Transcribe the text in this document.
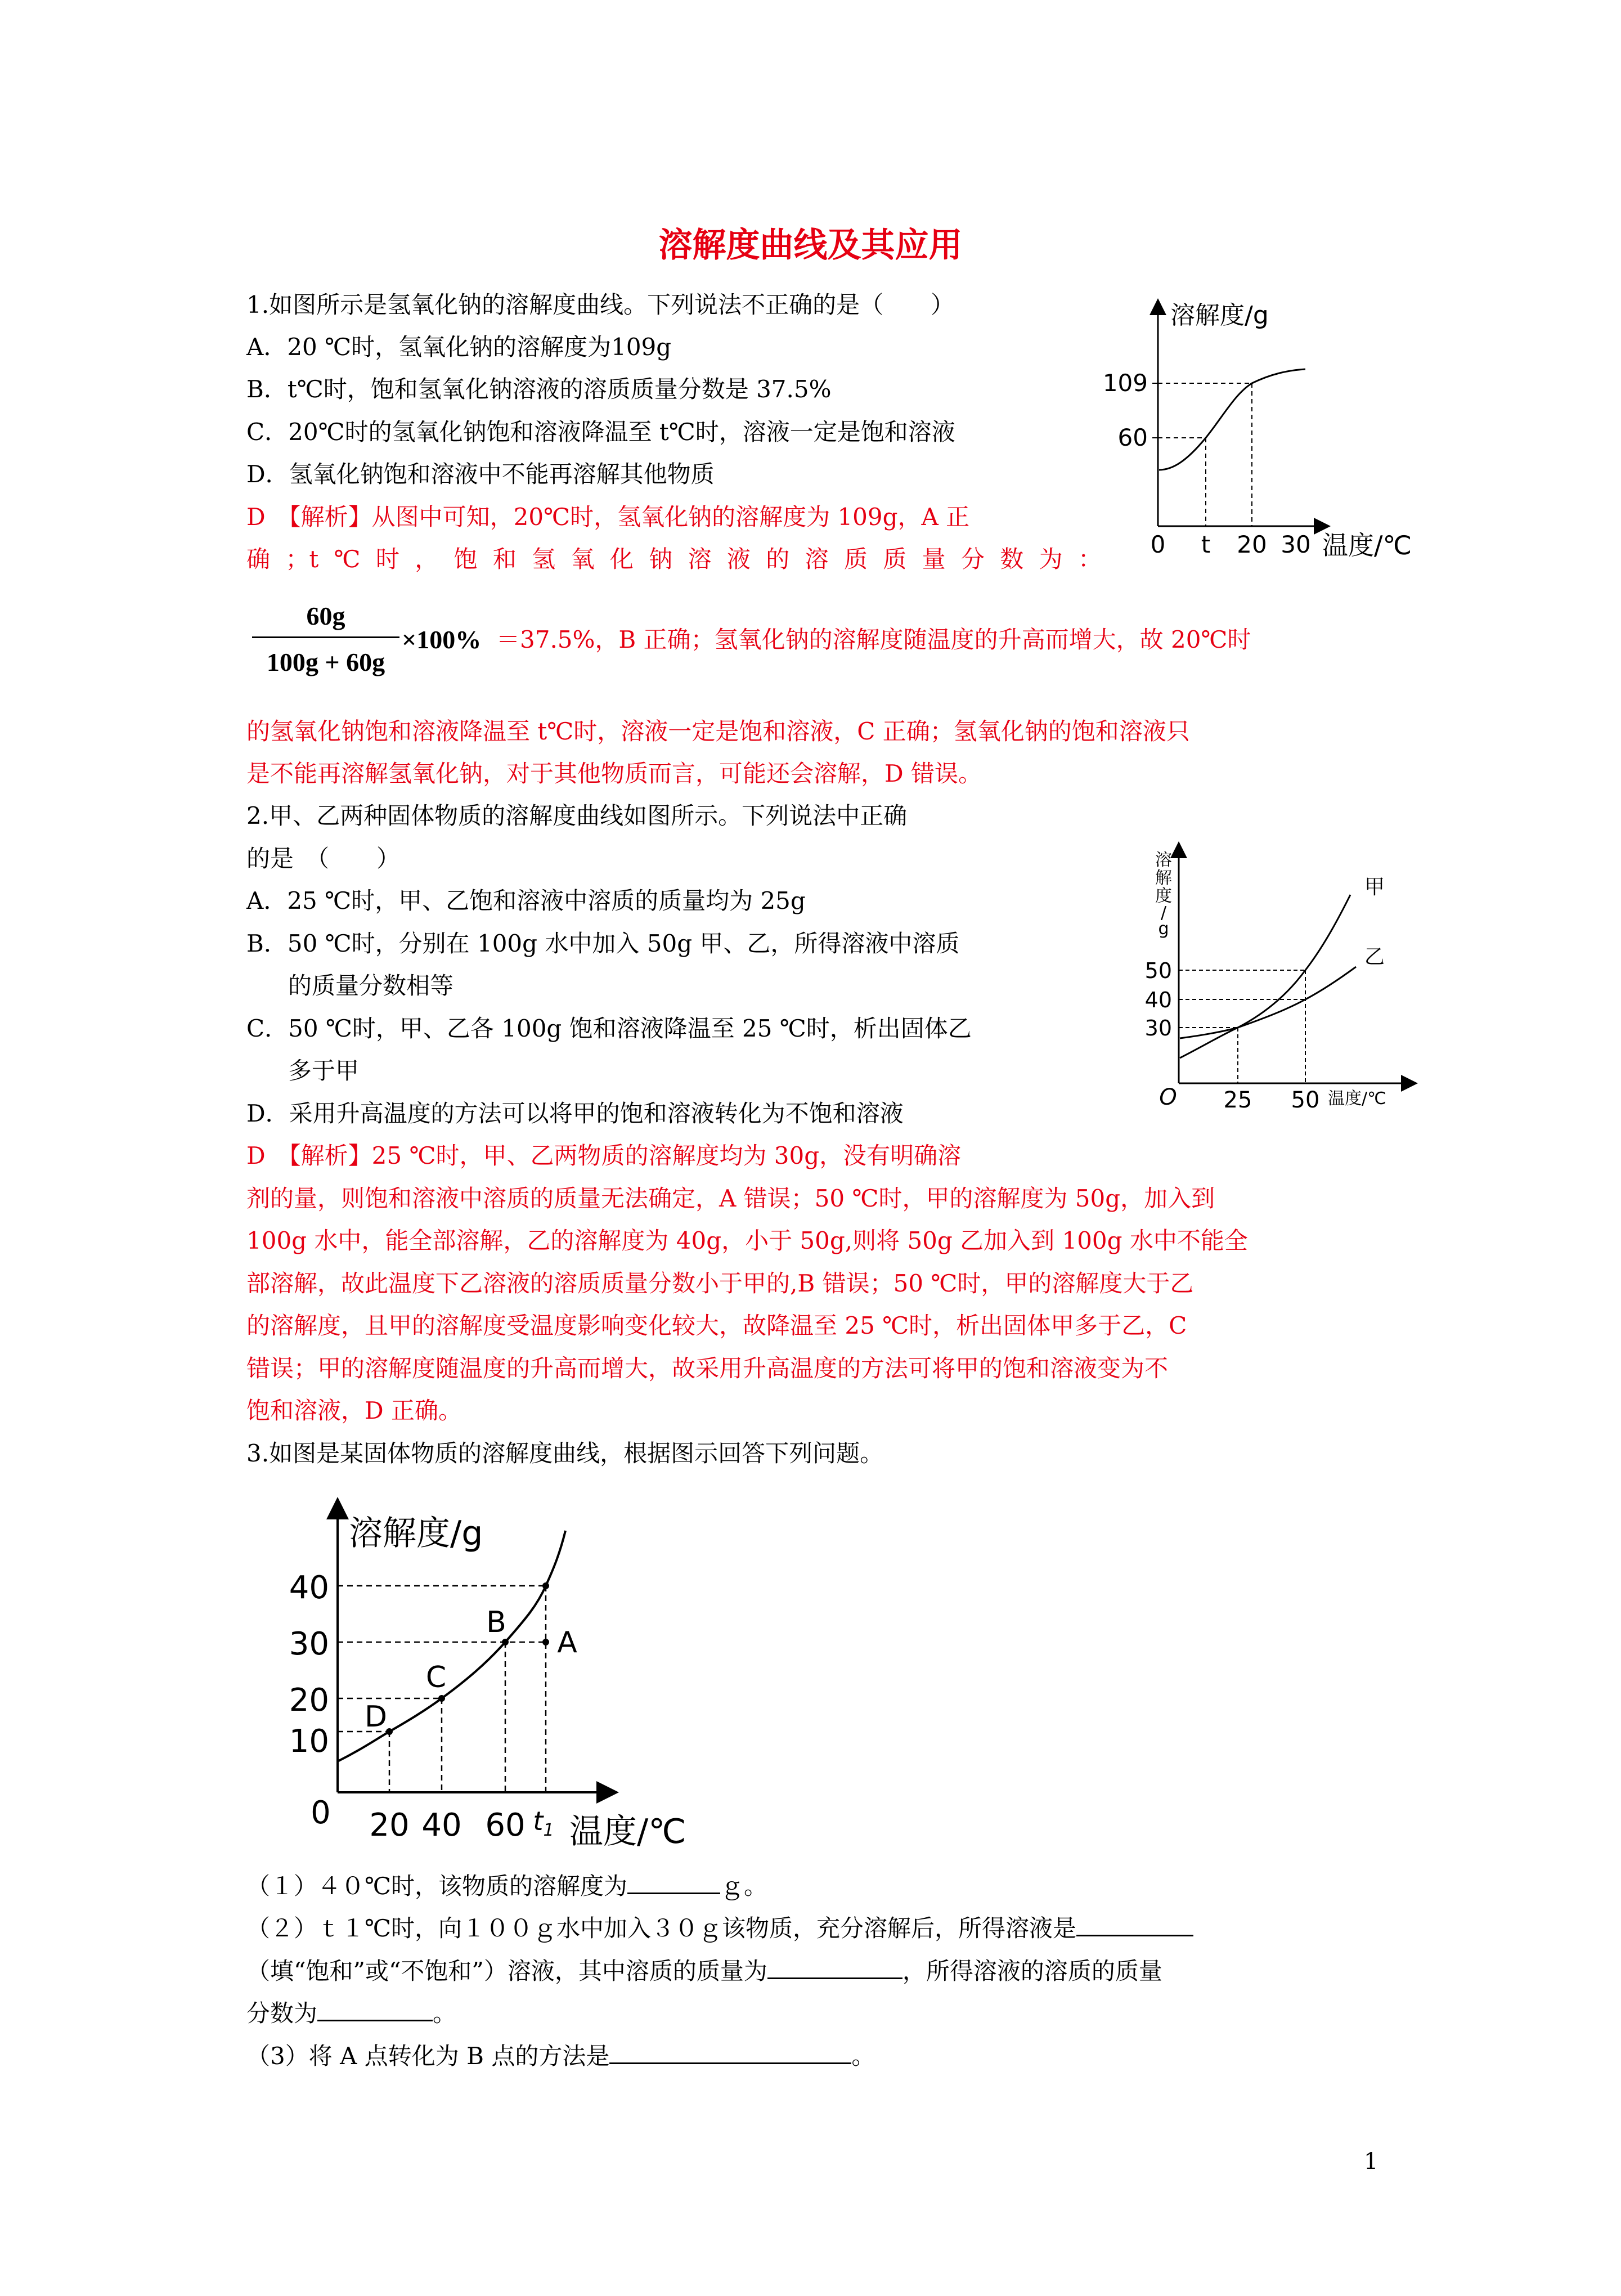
溶解度曲线及其应用
1.如图所示是氢氧化钠的溶解度曲线。下列说法不正确的是（　　）
A．20 ℃时，氢氧化钠的溶解度为109g
B．t℃时，饱和氢氧化钠溶液的溶质质量分数是 37.5%
C．20℃时的氢氧化钠饱和溶液降温至 t℃时，溶液一定是饱和溶液
D．氢氧化钠饱和溶液中不能再溶解其他物质
D　【解析】从图中可知，20℃时，氢氧化钠的溶解度为 109g，A 正
确；t℃时，饱和氢氧化钠溶液的溶质质量分数为：
60g
100g + 60g
×100% ＝37.5%，B 正确；氢氧化钠的溶解度随温度的升高而增大，故 20℃时
的氢氧化钠饱和溶液降温至 t℃时，溶液一定是饱和溶液，C 正确；氢氧化钠的饱和溶液只
是不能再溶解氢氧化钠，对于其他物质而言，可能还会溶解，D 错误。
溶解度/g
温度/℃
0 t 20 30
60
109
2.甲、乙两种固体物质的溶解度曲线如图所示。下列说法中正确
的是　（　　）
A．25 ℃时，甲、乙饱和溶液中溶质的质量均为 25g
B．50 ℃时，分别在 100g 水中加入 50g 甲、乙，所得溶液中溶质
的质量分数相等
C．50 ℃时，甲、乙各 100g 饱和溶液降温至 25 ℃时，析出固体乙
多于甲
D．采用升高温度的方法可以将甲的饱和溶液转化为不饱和溶液
D　【解析】25 ℃时，甲、乙两物质的溶解度均为 30g，没有明确溶
剂的量，则饱和溶液中溶质的质量无法确定，A 错误；50 ℃时，甲的溶解度为 50g，加入到
100g 水中，能全部溶解，乙的溶解度为 40g，小于 50g,则将 50g 乙加入到 100g 水中不能全
部溶解，故此温度下乙溶液的溶质质量分数小于甲的,B 错误；50 ℃时，甲的溶解度大于乙
的溶解度，且甲的溶解度受温度影响变化较大，故降温至 25 ℃时，析出固体甲多于乙，C
错误；甲的溶解度随温度的升高而增大，故采用升高温度的方法可将甲的饱和溶液变为不
饱和溶液，D 正确。
溶
解
度
/
g
温度/℃
O 25 50
30
40
50
甲
乙
3.如图是某固体物质的溶解度曲线，根据图示回答下列问题。
溶解度/g
温度/℃
0 20 40 60 $t_1$
10
20
30
40
D
C
B
A
（１）４０℃时，该物质的溶解度为	ｇ。
（２）ｔ１℃时，向１００ｇ水中加入３０ｇ该物质，充分溶解后，所得溶液是
（填“饱和”或“不饱和”）溶液，其中溶质的质量为	，所得溶液的溶质的质量
分数为	。
（3）将 A 点转化为 B 点的方法是	。
1
